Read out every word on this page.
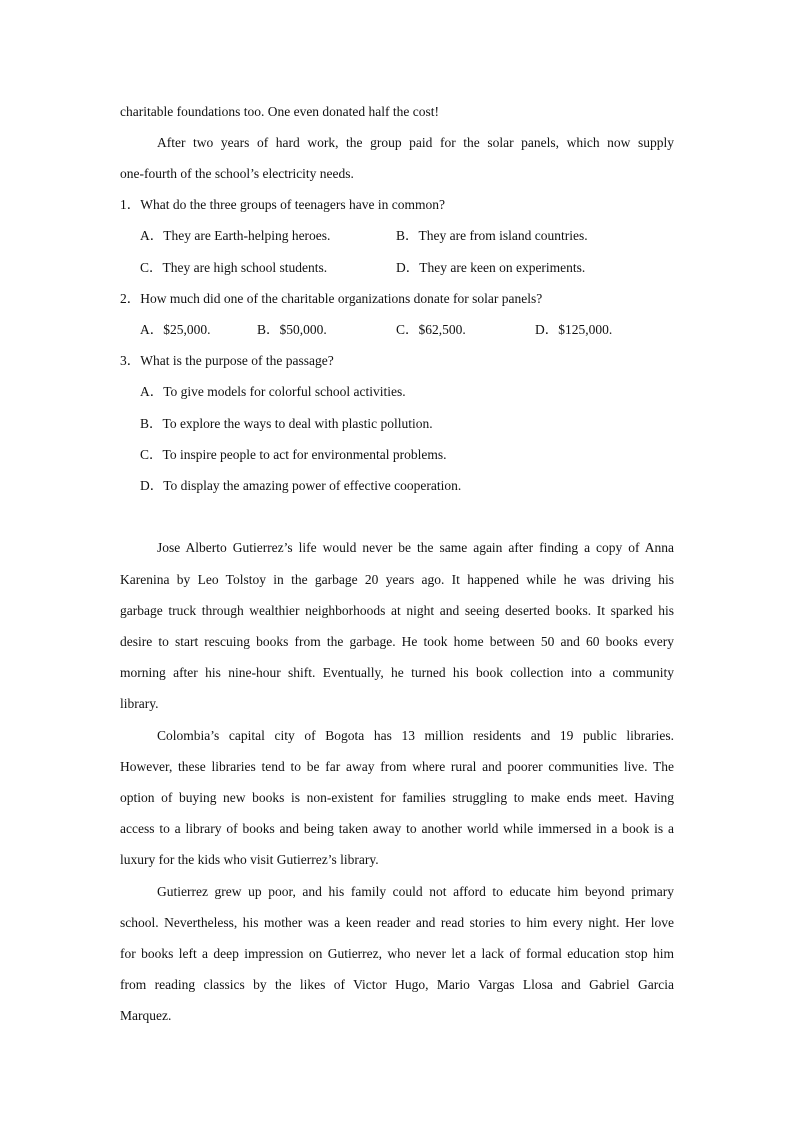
charitable foundations too. One even donated half the cost!
After two years of hard work, the group paid for the solar panels, which now supply
one-fourth of the school’s electricity needs.
1．What do the three groups of teenagers have in common?
A．They are Earth-helping heroes.	B．They are from island countries.
C．They are high school students.	D．They are keen on experiments.
2．How much did one of the charitable organizations donate for solar panels?
A．$25,000.	B．$50,000.	C．$62,500.	D．$125,000.
3．What is the purpose of the passage?
A．To give models for colorful school activities.
B．To explore the ways to deal with plastic pollution.
C．To inspire people to act for environmental problems.
D．To display the amazing power of effective cooperation.
Jose Alberto Gutierrez’s life would never be the same again after finding a copy of Anna
Karenina by Leo Tolstoy in the garbage 20 years ago. It happened while he was driving his
garbage truck through wealthier neighborhoods at night and seeing deserted books. It sparked his
desire to start rescuing books from the garbage. He took home between 50 and 60 books every
morning after his nine-hour shift. Eventually, he turned his book collection into a community
library.
Colombia’s capital city of Bogota has 13 million residents and 19 public libraries.
However, these libraries tend to be far away from where rural and poorer communities live. The
option of buying new books is non-existent for families struggling to make ends meet. Having
access to a library of books and being taken away to another world while immersed in a book is a
luxury for the kids who visit Gutierrez’s library.
Gutierrez grew up poor, and his family could not afford to educate him beyond primary
school. Nevertheless, his mother was a keen reader and read stories to him every night. Her love
for books left a deep impression on Gutierrez, who never let a lack of formal education stop him
from reading classics by the likes of Victor Hugo, Mario Vargas Llosa and Gabriel Garcia
Marquez.
